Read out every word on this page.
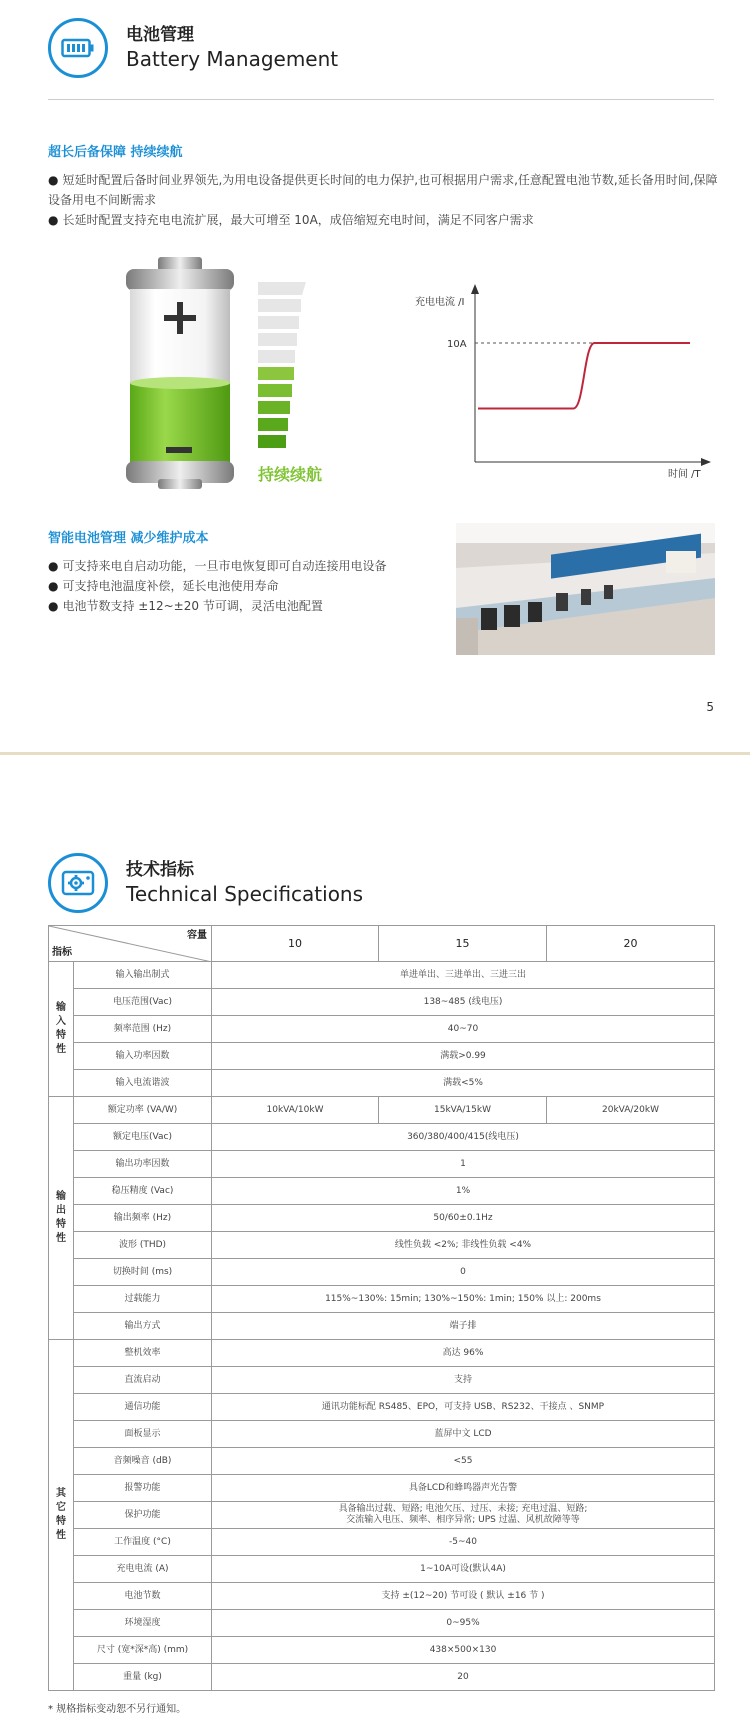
电池管理
Battery Management
超长后备保障 持续续航
● 短延时配置后备时间业界领先,为用电设备提供更长时间的电力保护,也可根据用户需求,任意配置电池节数,延长备用时间,保障设备用电不间断需求
● 长延时配置支持充电电流扩展，最大可增至 10A，成倍缩短充电时间，满足不同客户需求
持续续航
充电电流 /I
10A
时间 /T
智能电池管理 减少维护成本
● 可支持来电自启动功能，一旦市电恢复即可自动连接用电设备
● 可支持电池温度补偿，延长电池使用寿命
● 电池节数支持 ±12~±20 节可调，灵活电池配置
5
技术指标
Technical Specifications
容量
指标		10	15	20

输
入
特
性	输入输出制式	单进单出、三进单出、三进三出		
	电压范围(Vac)	138~485 (线电压)		
	频率范围 (Hz)	40~70		
	输入功率因数	满载>0.99		
	输入电流谐波	满载<5%		

输
出
特
性	额定功率 (VA/W)	10kVA/10kW	15kVA/15kW	20kVA/20kW
	额定电压(Vac)	360/380/400/415(线电压)		
	输出功率因数	1		
	稳压精度 (Vac)	1%		
	输出频率 (Hz)	50/60±0.1Hz		
	波形 (THD)	线性负载 <2%; 非线性负载 <4%		
	切换时间 (ms)	0		
	过载能力	115%~130%: 15min; 130%~150%: 1min; 150% 以上: 200ms		
	输出方式	端子排		

其
它
特
性	整机效率	高达 96%		
	直流启动	支持		
	通信功能	通讯功能标配 RS485、EPO，可支持 USB、RS232、干接点 、SNMP		
	面板显示	蓝屏中文 LCD		
	音频噪音 (dB)	<55		
	报警功能	具备LCD和蜂鸣器声光告警		
	保护功能	具备输出过载、短路; 电池欠压、过压、未接; 充电过温、短路;
交流输入电压、频率、相序异常; UPS 过温、风机故障等等		

	工作温度 (°C)	-5~40		
	充电电流 (A)	1~10A可设(默认4A)		
	电池节数	支持 ±(12~20) 节可设 ( 默认 ±16 节 )		
	环境湿度	0~95%		
	尺寸 (宽*深*高) (mm)	438×500×130		
	重量 (kg)	20		
* 规格指标变动恕不另行通知。
